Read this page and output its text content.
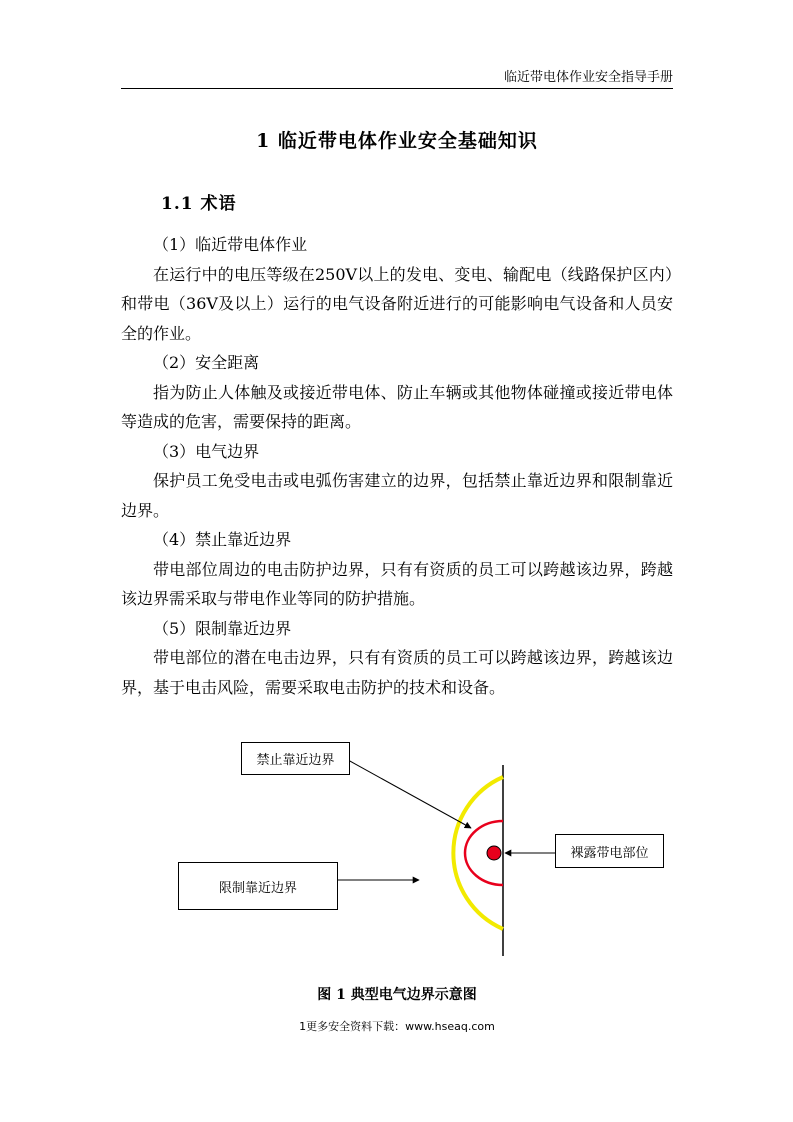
临近带电体作业安全指导手册
1 临近带电体作业安全基础知识
1.1 术语

（1）临近带电体作业

在运行中的电压等级在250V以上的发电、变电、输配电（线路保护区内）和带电（36V及以上）运行的电气设备附近进行的可能影响电气设备和人员安全的作业。

（2）安全距离

指为防止人体触及或接近带电体、防止车辆或其他物体碰撞或接近带电体等造成的危害，需要保持的距离。

（3）电气边界

保护员工免受电击或电弧伤害建立的边界，包括禁止靠近边界和限制靠近边界。

（4）禁止靠近边界

带电部位周边的电击防护边界，只有有资质的员工可以跨越该边界，跨越该边界需采取与带电作业等同的防护措施。

（5）限制靠近边界

带电部位的潜在电击边界，只有有资质的员工可以跨越该边界，跨越该边界，基于电击风险，需要采取电击防护的技术和设备。

禁止靠近边界
限制靠近边界
裸露带电部位
图 1 典型电气边界示意图
1更多安全资料下载：www.hseaq.com
